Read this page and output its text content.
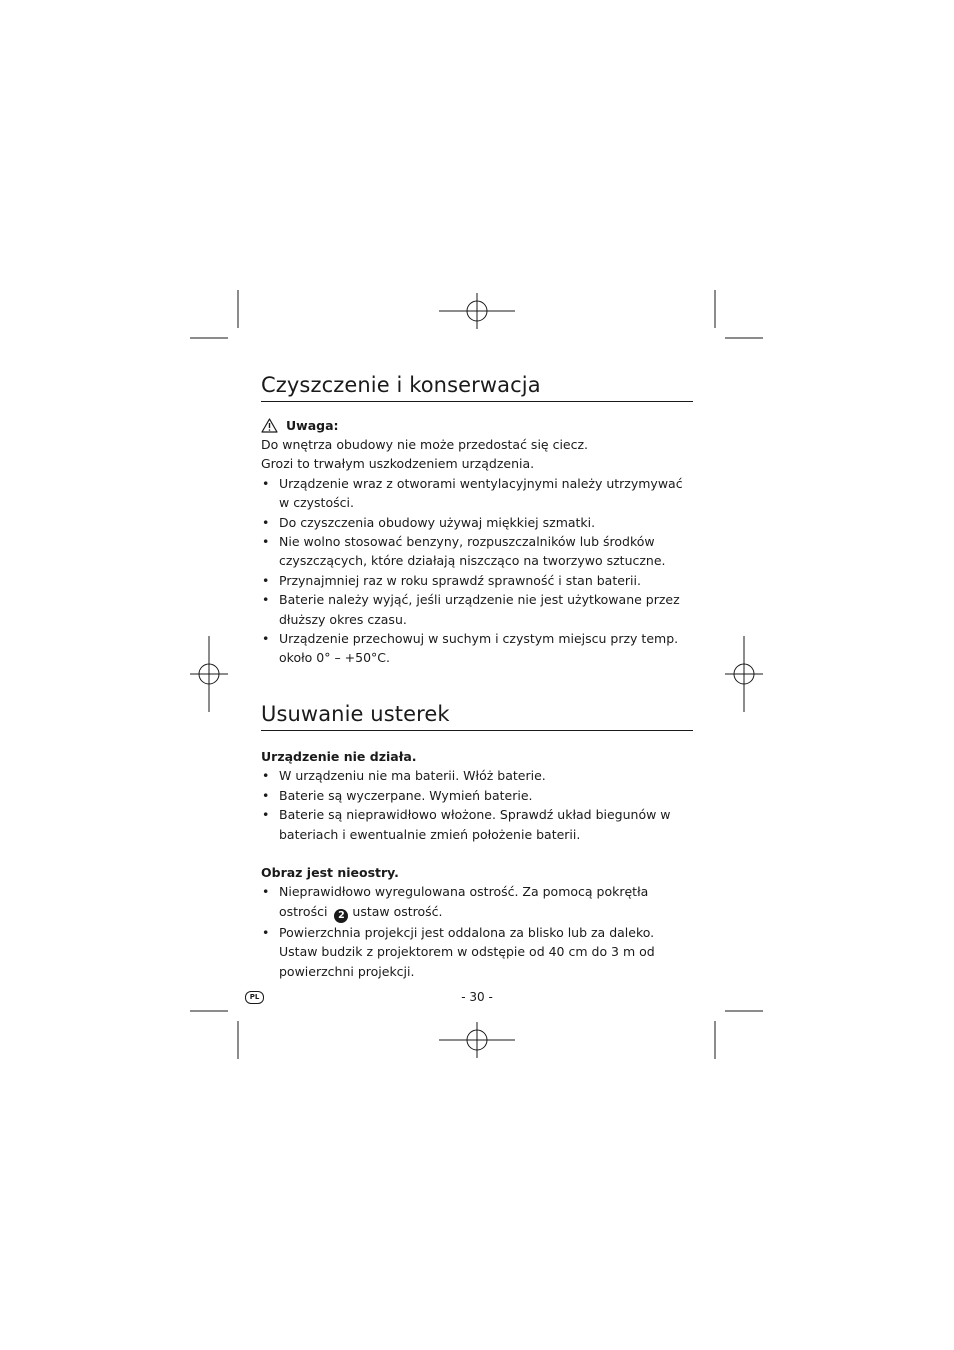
Czyszczenie i konserwacja
Uwaga:

Do wnętrza obudowy nie może przedostać się ciecz.

Grozi to trwałym uszkodzeniem urządzenia.

• Urządzenie wraz z otworami wentylacyjnymi należy utrzymywać w czystości.
• Do czyszczenia obudowy używaj miękkiej szmatki.
• Nie wolno stosować benzyny, rozpuszczalników lub środków czyszczących, które działają niszcząco na tworzywo sztuczne.
• Przynajmniej raz w roku sprawdź sprawność i stan baterii.
• Baterie należy wyjąć, jeśli urządzenie nie jest użytkowane przez dłuższy okres czasu.
• Urządzenie przechowuj w suchym i czystym miejscu przy temp. około 0° – +50°C.
Usuwanie usterek
Urządzenie nie działa.
• W urządzeniu nie ma baterii. Włóż baterie.
• Baterie są wyczerpane. Wymień baterie.
• Baterie są nieprawidłowo włożone. Sprawdź układ biegunów w bateriach i ewentualnie zmień położenie baterii.
Obraz jest nieostry.
• Nieprawidłowo wyregulowana ostrość. Za pomocą pokrętła ostrości 2 ustaw ostrość.
• Powierzchnia projekcji jest oddalona za blisko lub za daleko. Ustaw budzik z projektorem w odstępie od 40 cm do 3 m od powierzchni projekcji.
PL	- 30 -
